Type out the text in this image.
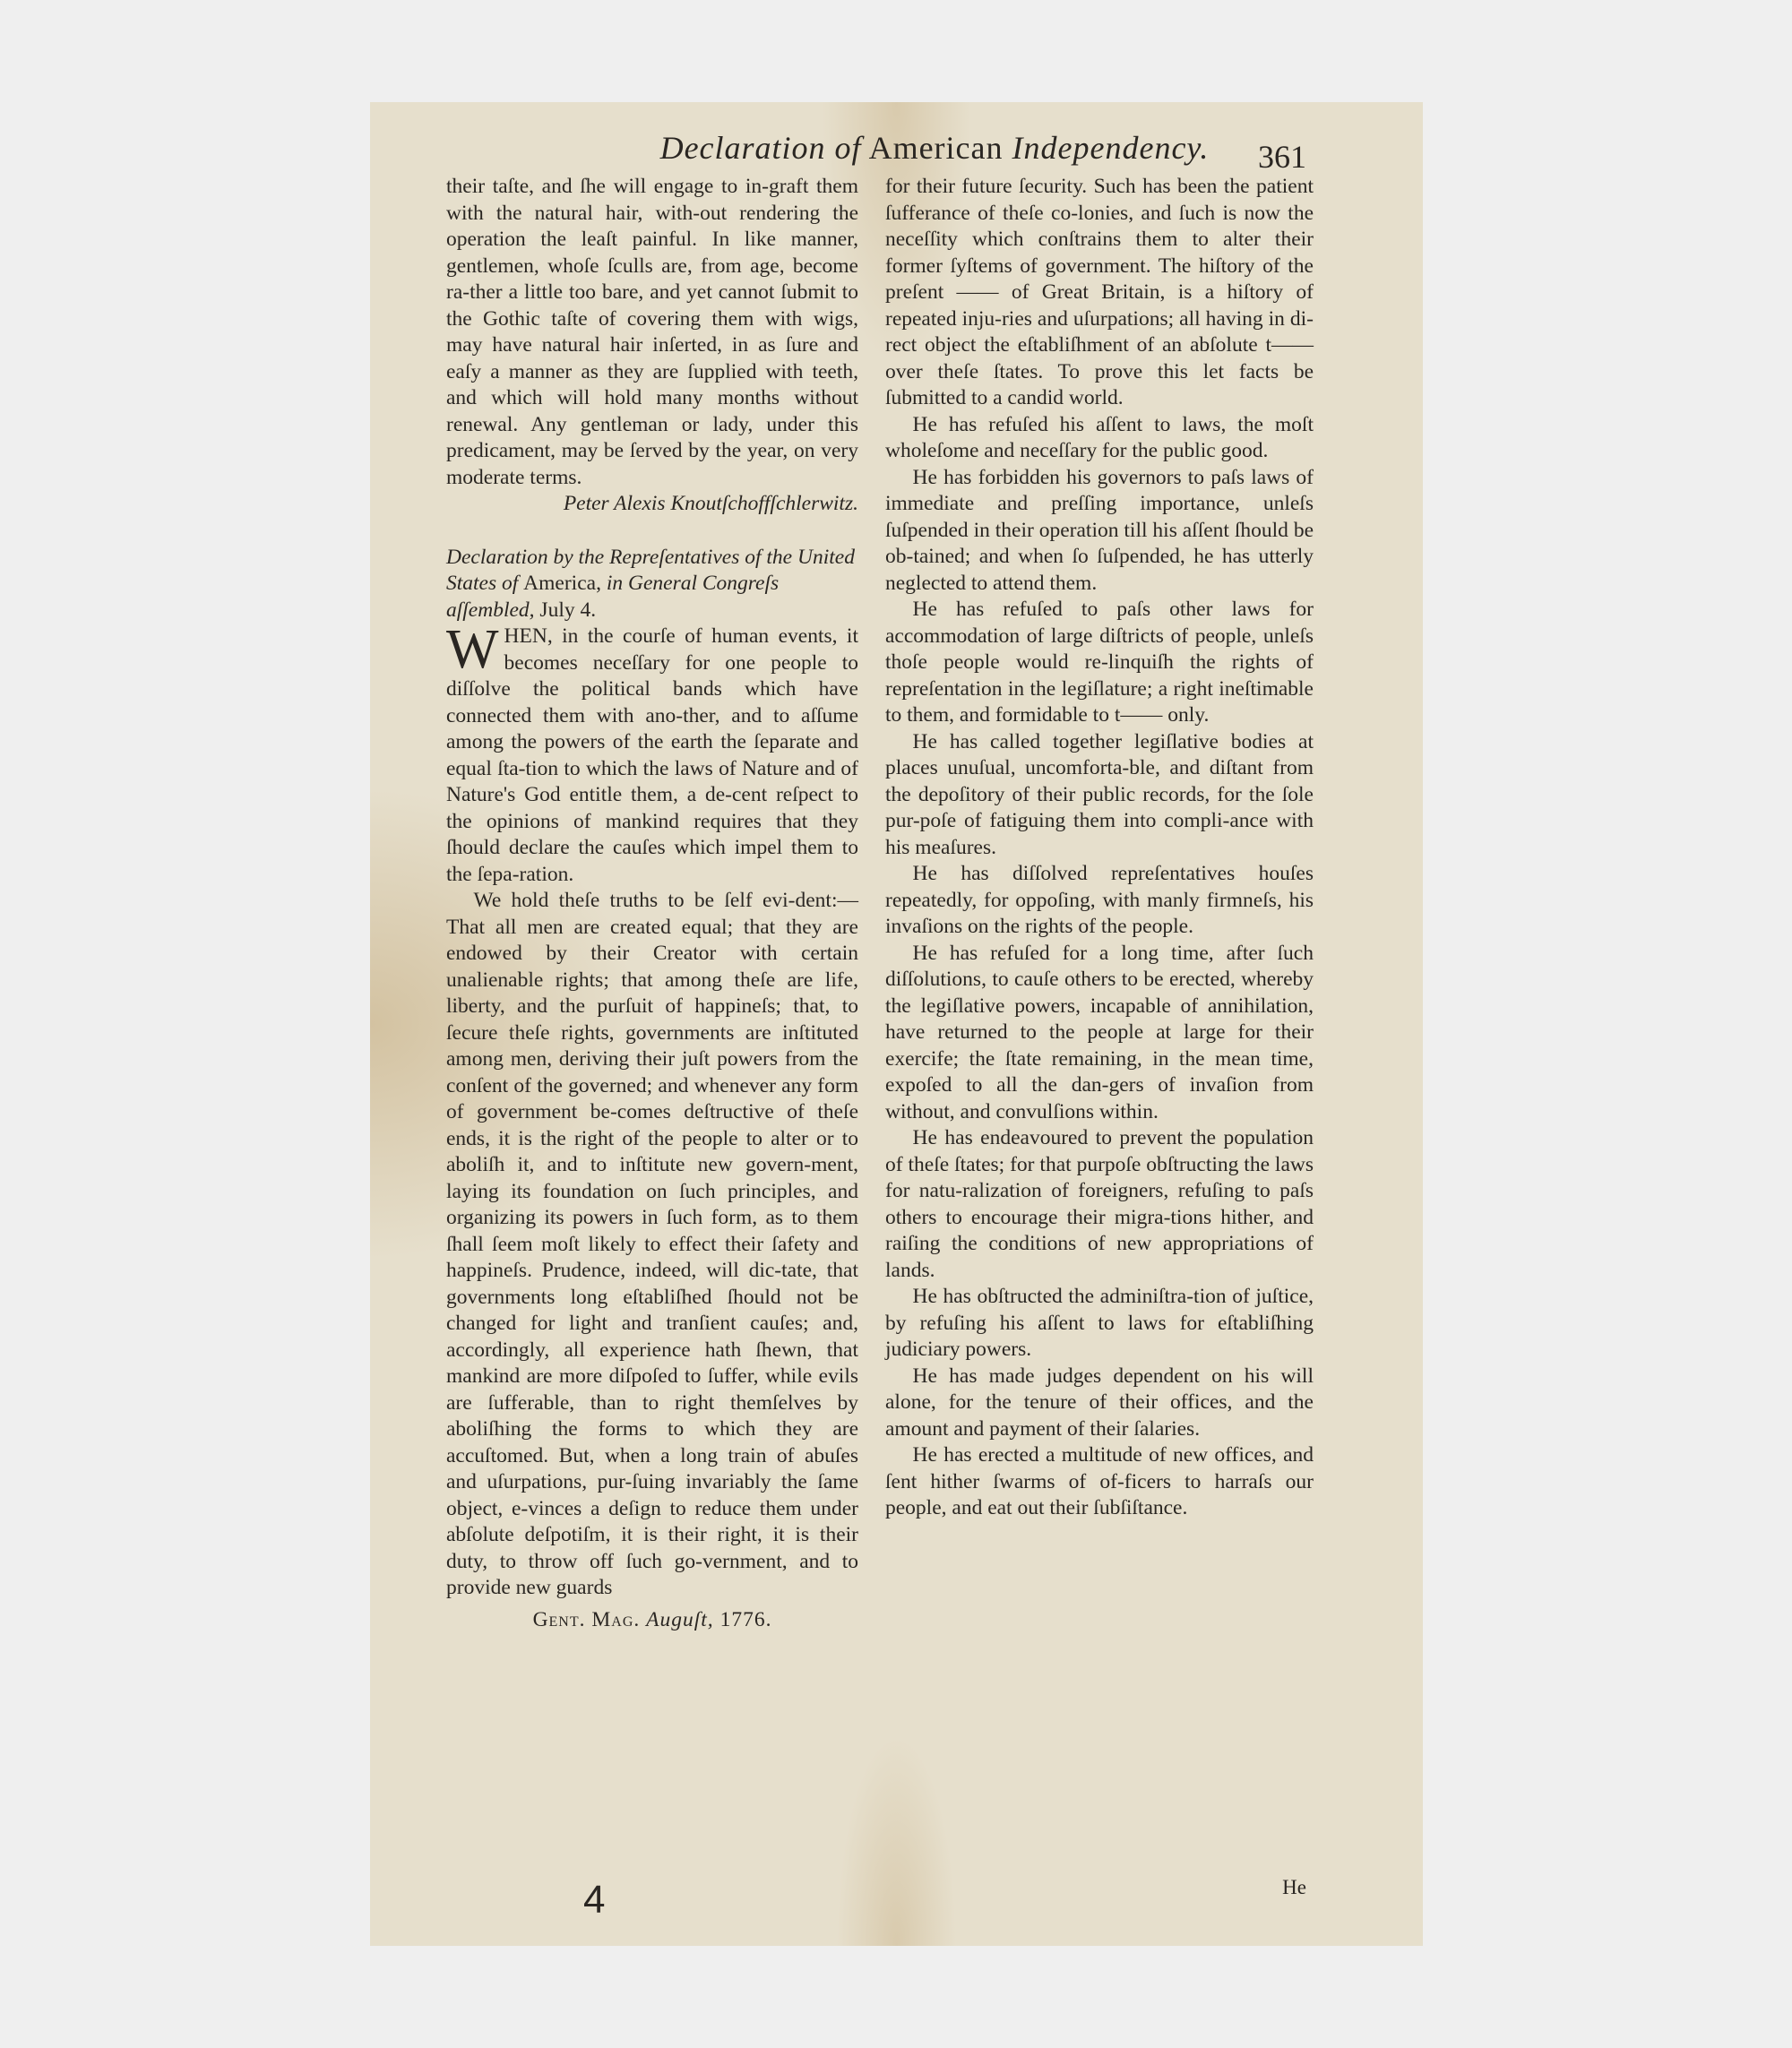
Declaration of American Independency.	361

their taſte, and ſhe will engage to in-graft them with the natural hair, with-out rendering the operation the leaſt painful. In like manner, gentlemen, whoſe ſculls are, from age, become ra-ther a little too bare, and yet cannot ſubmit to the Gothic taſte of covering them with wigs, may have natural hair inſerted, in as ſure and eaſy a manner as they are ſupplied with teeth, and which will hold many months without renewal. Any gentleman or lady, under this predicament, may be ſerved by the year, on very moderate terms.

Peter Alexis Knoutſchoffſchlerwitz.

Declaration by the Repreſentatives of the United States of America, in General Congreſs aſſembled, July 4.

W HEN, in the courſe of human events, it becomes neceſſary for one people to diſſolve the political bands which have connected them with ano-ther, and to aſſume among the powers of the earth the ſeparate and equal ſta-tion to which the laws of Nature and of Nature's God entitle them, a de-cent reſpect to the opinions of mankind requires that they ſhould declare the cauſes which impel them to the ſepa-ration.

We hold theſe truths to be ſelf evi-dent:—That all men are created equal; that they are endowed by their Creator with certain unalienable rights; that among theſe are life, liberty, and the purſuit of happineſs; that, to ſecure theſe rights, governments are inſtituted among men, deriving their juſt powers from the conſent of the governed; and whenever any form of government be-comes deſtructive of theſe ends, it is the right of the people to alter or to aboliſh it, and to inſtitute new govern-ment, laying its foundation on ſuch principles, and organizing its powers in ſuch form, as to them ſhall ſeem moſt likely to effect their ſafety and happineſs. Prudence, indeed, will dic-tate, that governments long eſtabliſhed ſhould not be changed for light and tranſient cauſes; and, accordingly, all experience hath ſhewn, that mankind are more diſpoſed to ſuffer, while evils are ſufferable, than to right themſelves by aboliſhing the forms to which they are accuſtomed. But, when a long train of abuſes and uſurpations, pur-ſuing invariably the ſame object, e-vinces a deſign to reduce them under abſolute deſpotiſm, it is their right, it is their duty, to throw off ſuch go-vernment, and to provide new guards

Gent. Mag. Auguſt, 1776.

for their future ſecurity. Such has been the patient ſufferance of theſe co-lonies, and ſuch is now the neceſſity which conſtrains them to alter their former ſyſtems of government. The hiſtory of the preſent —— of Great Britain, is a hiſtory of repeated inju-ries and uſurpations; all having in di-rect object the eſtabliſhment of an abſolute t—— over theſe ſtates. To prove this let facts be ſubmitted to a candid world.

He has refuſed his aſſent to laws, the moſt wholeſome and neceſſary for the public good.

He has forbidden his governors to paſs laws of immediate and preſſing importance, unleſs ſuſpended in their operation till his aſſent ſhould be ob-tained; and when ſo ſuſpended, he has utterly neglected to attend them.

He has refuſed to paſs other laws for accommodation of large diſtricts of people, unleſs thoſe people would re-linquiſh the rights of repreſentation in the legiſlature; a right ineſtimable to them, and formidable to t—— only.

He has called together legiſlative bodies at places unuſual, uncomforta-ble, and diſtant from the depoſitory of their public records, for the ſole pur-poſe of fatiguing them into compli-ance with his meaſures.

He has diſſolved repreſentatives houſes repeatedly, for oppoſing, with manly firmneſs, his invaſions on the rights of the people.

He has refuſed for a long time, after ſuch diſſolutions, to cauſe others to be erected, whereby the legiſlative powers, incapable of annihilation, have returned to the people at large for their exercife; the ſtate remaining, in the mean time, expoſed to all the dan-gers of invaſion from without, and convulſions within.

He has endeavoured to prevent the population of theſe ſtates; for that purpoſe obſtructing the laws for natu-ralization of foreigners, refuſing to paſs others to encourage their migra-tions hither, and raiſing the conditions of new appropriations of lands.

He has obſtructed the adminiſtra-tion of juſtice, by refuſing his aſſent to laws for eſtabliſhing judiciary powers.

He has made judges dependent on his will alone, for the tenure of their offices, and the amount and payment of their ſalaries.

He has erected a multitude of new offices, and ſent hither ſwarms of of-ficers to harraſs our people, and eat out their ſubſiſtance.

He
4
